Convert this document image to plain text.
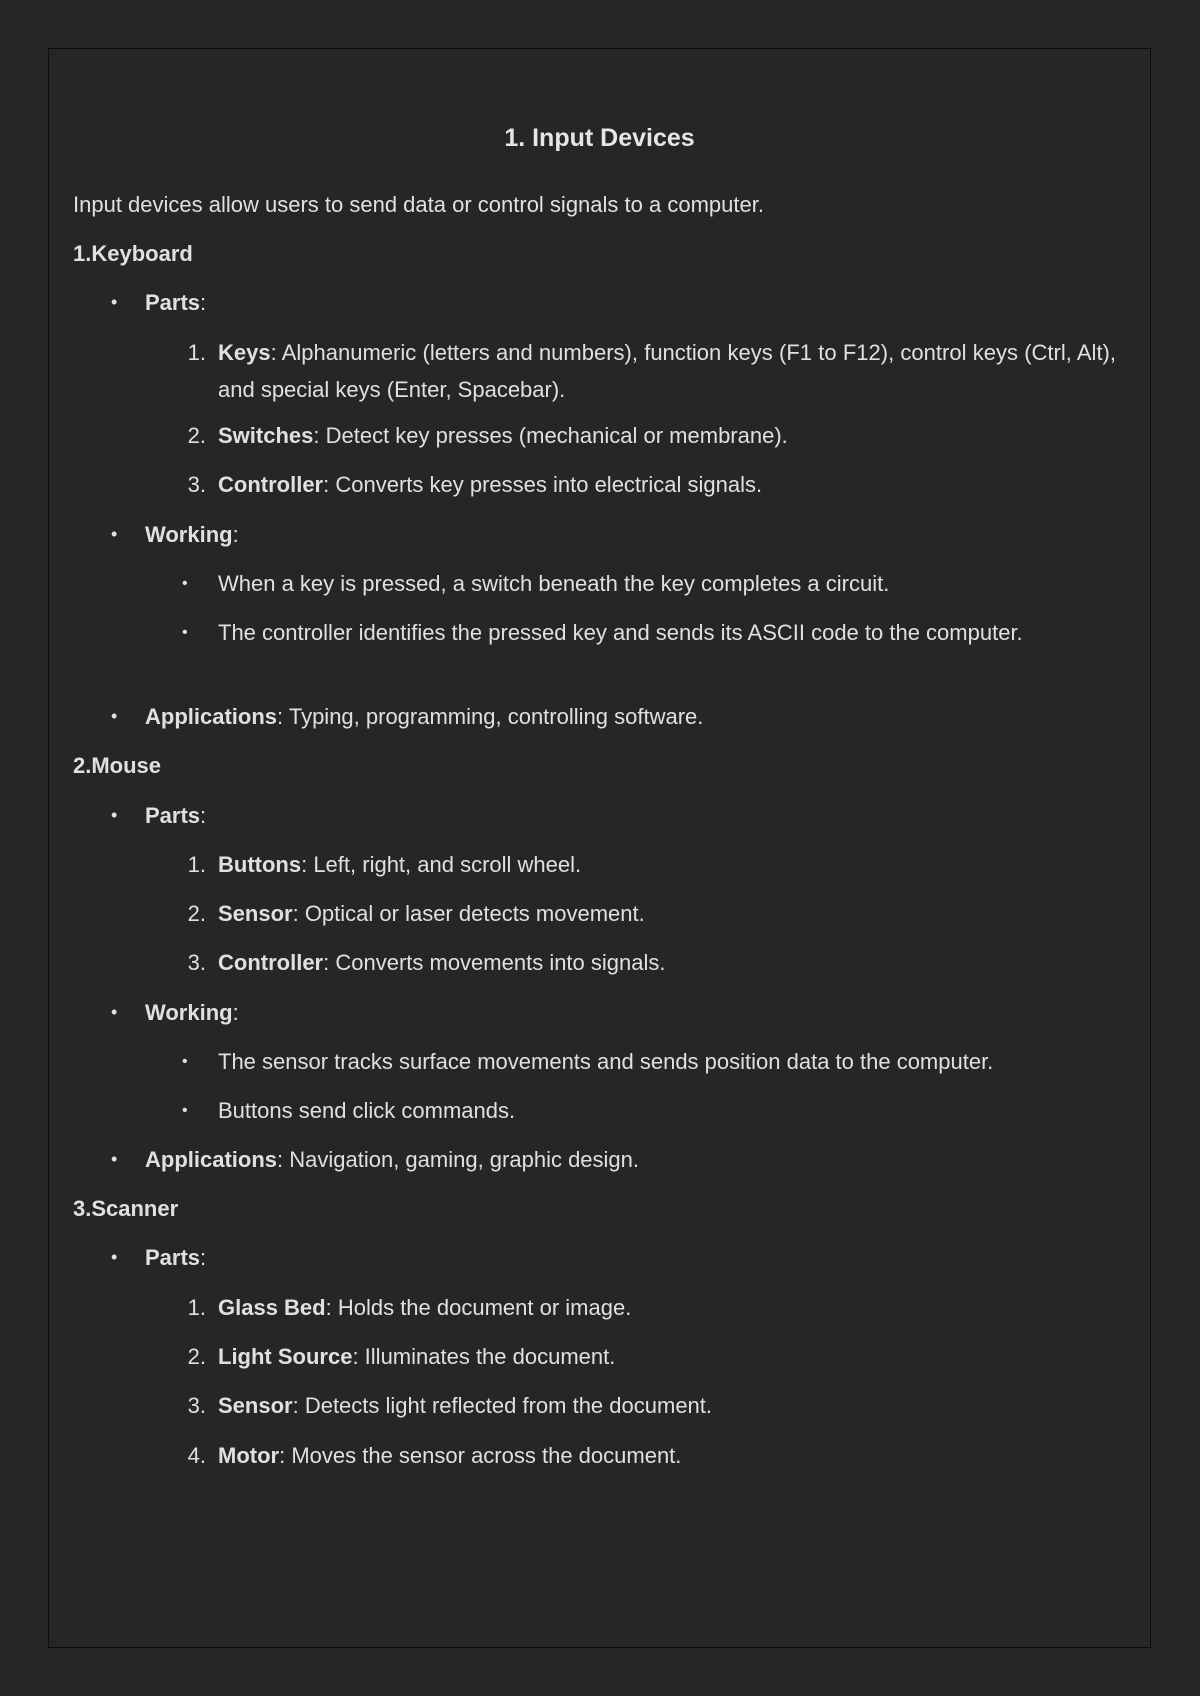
1. Input Devices
Input devices allow users to send data or control signals to a computer.
1.Keyboard
• Parts:
1. Keys: Alphanumeric (letters and numbers), function keys (F1 to F12), control keys (Ctrl, Alt), and special keys (Enter, Spacebar).
2. Switches: Detect key presses (mechanical or membrane).
3. Controller: Converts key presses into electrical signals.
• Working:
• When a key is pressed, a switch beneath the key completes a circuit.
• The controller identifies the pressed key and sends its ASCII code to the computer.
• Applications: Typing, programming, controlling software.
2.Mouse
• Parts:
1. Buttons: Left, right, and scroll wheel.
2. Sensor: Optical or laser detects movement.
3. Controller: Converts movements into signals.
• Working:
• The sensor tracks surface movements and sends position data to the computer.
• Buttons send click commands.
• Applications: Navigation, gaming, graphic design.
3.Scanner
• Parts:
1. Glass Bed: Holds the document or image.
2. Light Source: Illuminates the document.
3. Sensor: Detects light reflected from the document.
4. Motor: Moves the sensor across the document.
